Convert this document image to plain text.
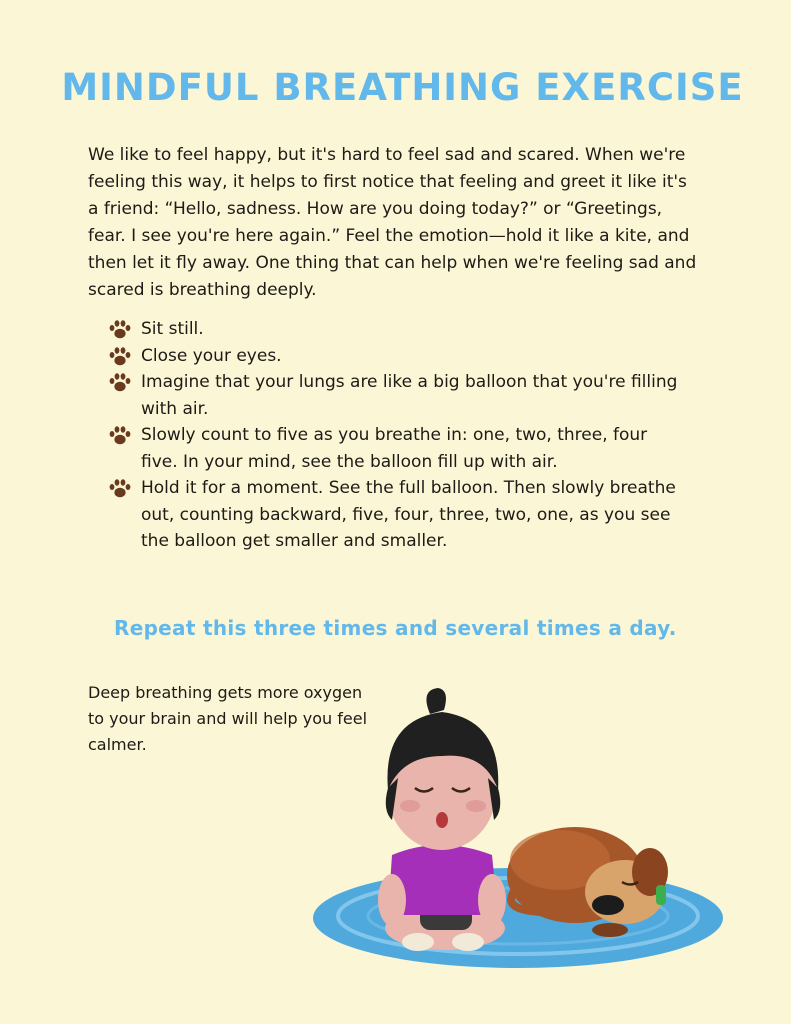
MINDFUL BREATHING EXERCISE

We like to feel happy, but it's hard to feel sad and scared. When we're feeling this way, it helps to first notice that feeling and greet it like it's a friend: “Hello, sadness. How are you doing today?” or “Greetings, fear. I see you're here again.” Feel the emotion—hold it like a kite, and then let it fly away. One thing that can help when we're feeling sad and scared is breathing deeply.

Sit still.
Close your eyes.
Imagine that your lungs are like a big balloon that you're filling with air.
Slowly count to five as you breathe in: one, two, three, four five. In your mind, see the balloon fill up with air.
Hold it for a moment. See the full balloon. Then slowly breathe out, counting backward, five, four, three, two, one, as you see the balloon get smaller and smaller.

Repeat this three times and several times a day.

Deep breathing gets more oxygen to your brain and will help you feel calmer.
